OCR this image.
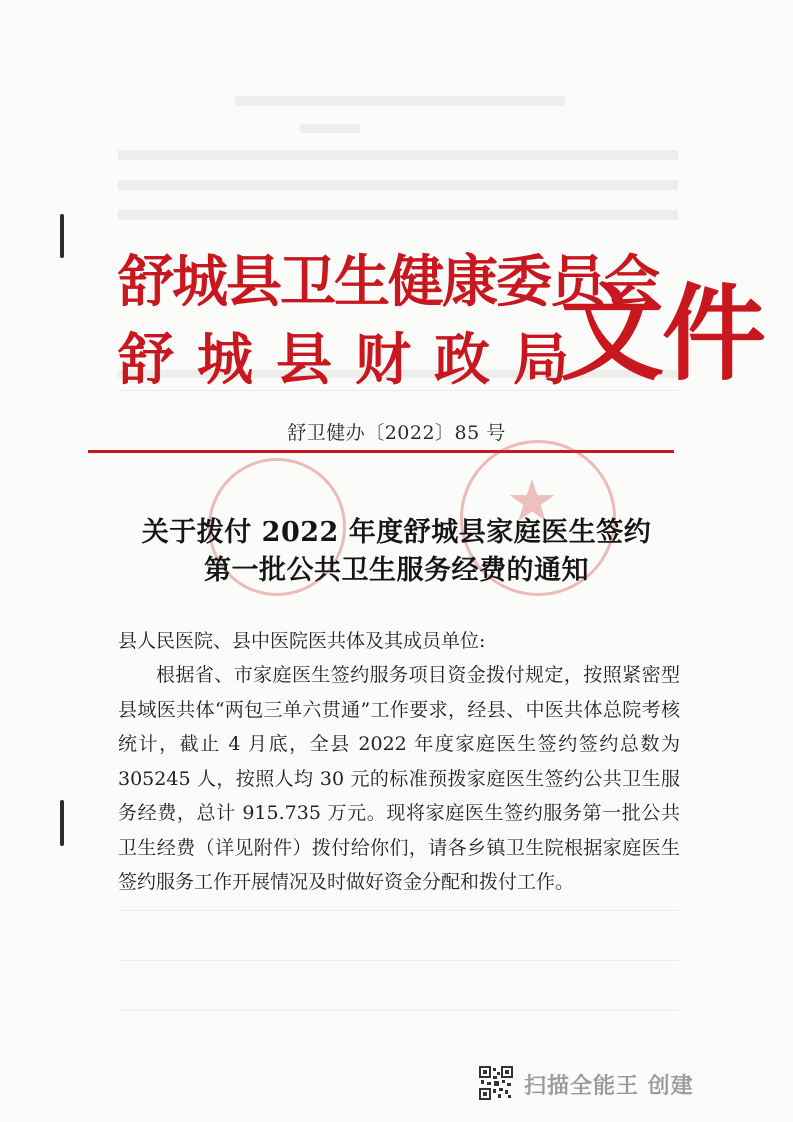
舒城县卫生健康委员会
舒城县财政局
文件
舒卫健办〔2022〕85 号
★
关于拨付 2022 年度舒城县家庭医生签约
第一批公共卫生服务经费的通知
县人民医院、县中医院医共体及其成员单位:
根据省、市家庭医生签约服务项目资金拨付规定，按照紧密型县域医共体“两包三单六贯通”工作要求，经县、中医共体总院考核统计，截止 4 月底，全县 2022 年度家庭医生签约签约总数为 305245 人，按照人均 30 元的标准预拨家庭医生签约公共卫生服务经费，总计 915.735 万元。现将家庭医生签约服务第一批公共卫生经费（详见附件）拨付给你们，请各乡镇卫生院根据家庭医生签约服务工作开展情况及时做好资金分配和拨付工作。
扫描全能王 创建
